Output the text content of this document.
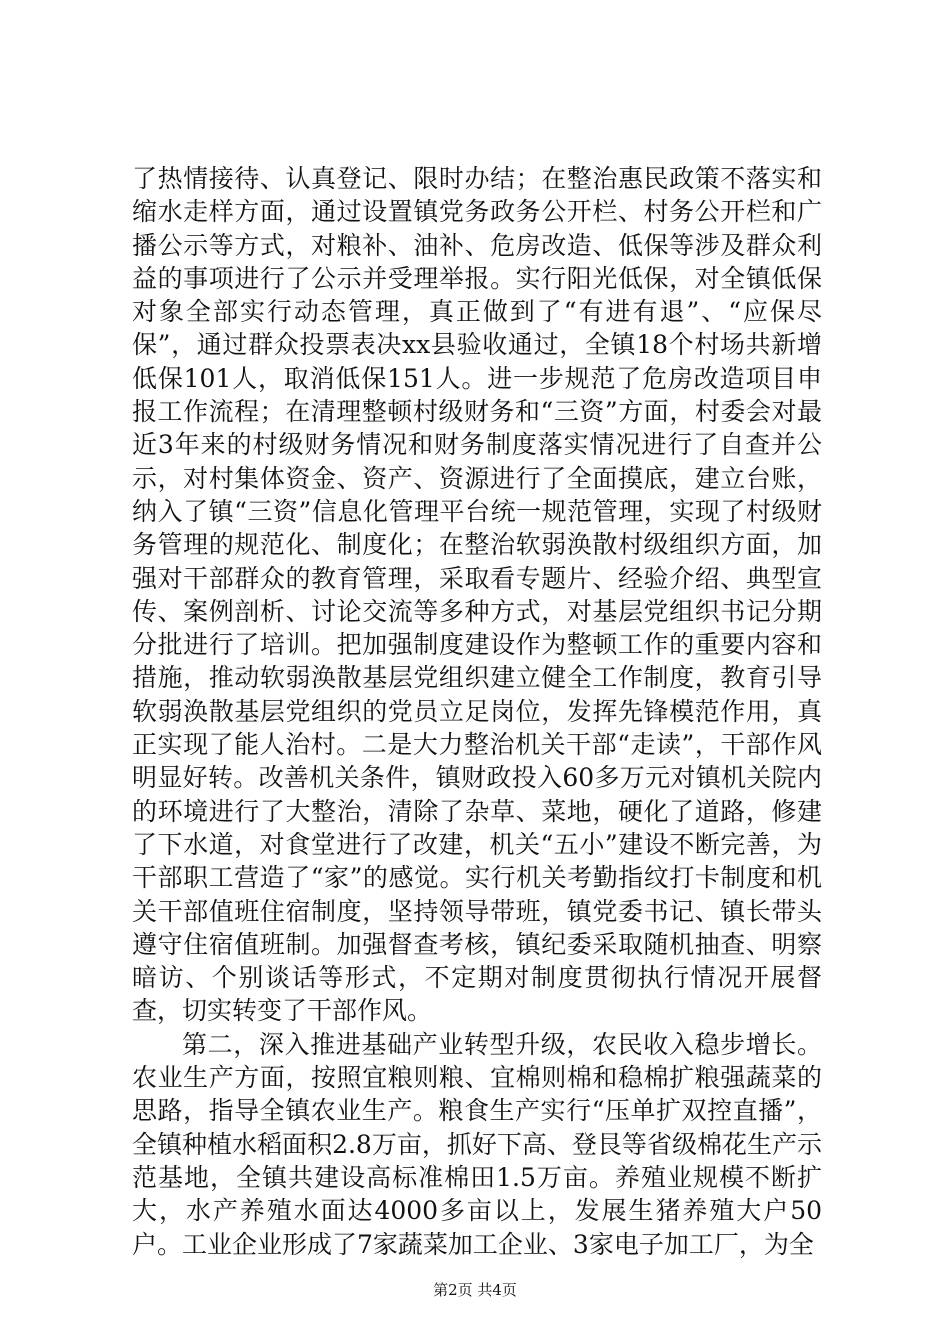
了热情接待、认真登记、限时办结；在整治惠民政策不落实和缩水走样方面，通过设置镇党务政务公开栏、村务公开栏和广播公示等方式，对粮补、油补、危房改造、低保等涉及群众利益的事项进行了公示并受理举报。实行阳光低保，对全镇低保对象全部实行动态管理，真正做到了“有进有退”、“应保尽保”，通过群众投票表决xx县验收通过，全镇18个村场共新增低保101人，取消低保151人。进一步规范了危房改造项目申报工作流程；在清理整顿村级财务和“三资”方面，村委会对最近3年来的村级财务情况和财务制度落实情况进行了自查并公示，对村集体资金、资产、资源进行了全面摸底，建立台账，纳入了镇“三资”信息化管理平台统一规范管理，实现了村级财务管理的规范化、制度化；在整治软弱涣散村级组织方面，加强对干部群众的教育管理，采取看专题片、经验介绍、典型宣传、案例剖析、讨论交流等多种方式，对基层党组织书记分期分批进行了培训。把加强制度建设作为整顿工作的重要内容和措施，推动软弱涣散基层党组织建立健全工作制度，教育引导软弱涣散基层党组织的党员立足岗位，发挥先锋模范作用，真正实现了能人治村。二是大力整治机关干部“走读”，干部作风明显好转。改善机关条件，镇财政投入60多万元对镇机关院内的环境进行了大整治，清除了杂草、菜地，硬化了道路，修建了下水道，对食堂进行了改建，机关“五小”建设不断完善，为干部职工营造了“家”的感觉。实行机关考勤指纹打卡制度和机关干部值班住宿制度，坚持领导带班，镇党委书记、镇长带头遵守住宿值班制。加强督查考核，镇纪委采取随机抽查、明察暗访、个别谈话等形式，不定期对制度贯彻执行情况开展督查，切实转变了干部作风。

第二，深入推进基础产业转型升级，农民收入稳步增长。农业生产方面，按照宜粮则粮、宜棉则棉和稳棉扩粮强蔬菜的思路，指导全镇农业生产。粮食生产实行“压单扩双控直播”，全镇种植水稻面积2.8万亩，抓好下高、登艮等省级棉花生产示范基地，全镇共建设高标准棉田1.5万亩。养殖业规模不断扩大，水产养殖水面达4000多亩以上，发展生猪养殖大户50户。工业企业形成了7家蔬菜加工企业、3家电子加工厂，为全

第2页 共4页
